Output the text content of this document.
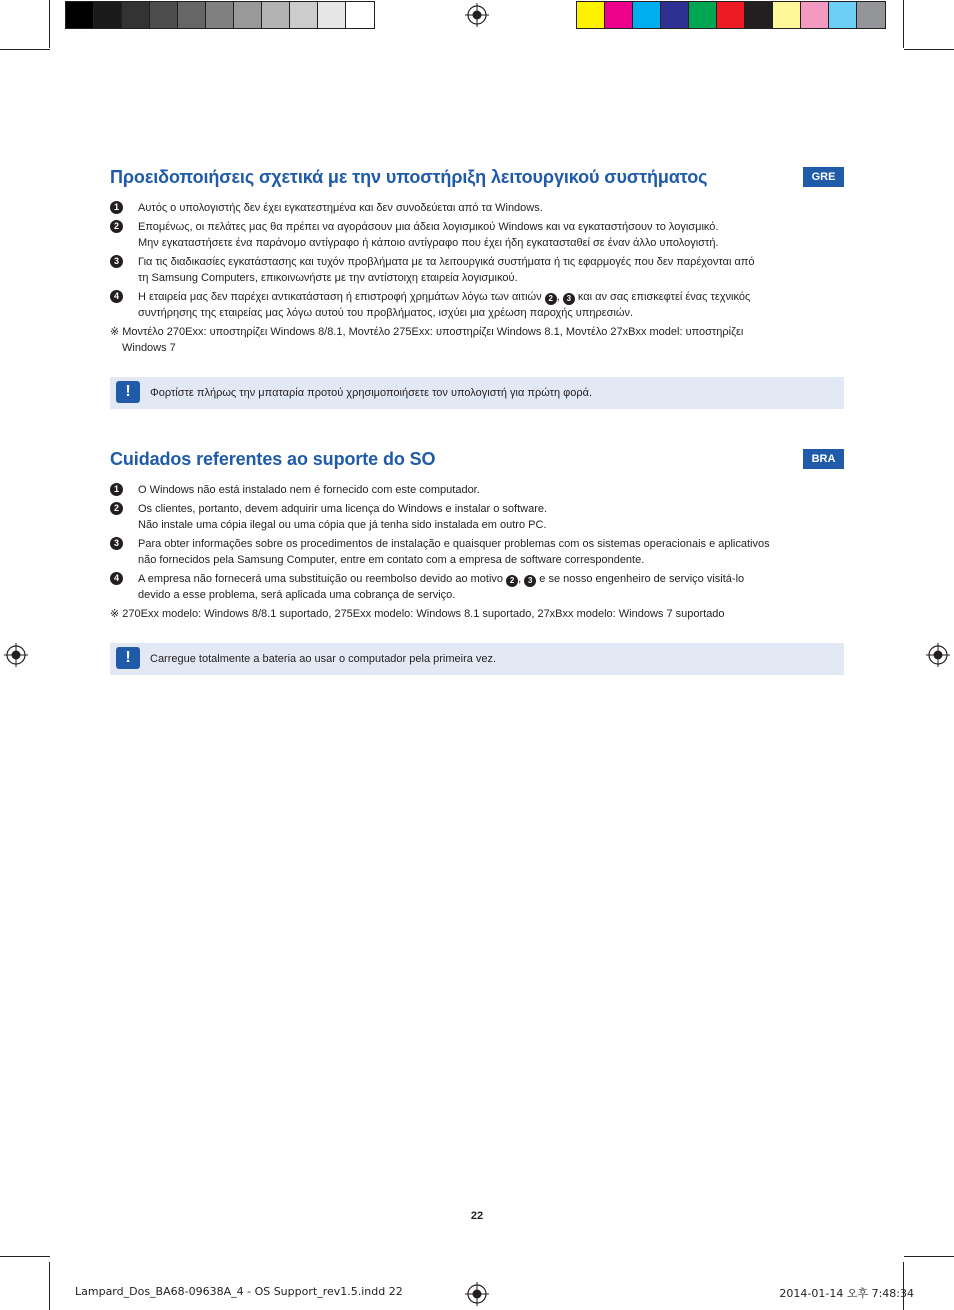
Προειδοποιήσεις σχετικά με την υποστήριξη λειτουργικού συστήματος	GRE
1	Αυτός ο υπολογιστής δεν έχει εγκατεστημένα και δεν συνοδεύεται από τα Windows.
2	Επομένως, οι πελάτες μας θα πρέπει να αγοράσουν μια άδεια λογισμικού Windows και να εγκαταστήσουν το λογισμικό.
Μην εγκαταστήσετε ένα παράνομο αντίγραφο ή κάποιο αντίγραφο που έχει ήδη εγκατασταθεί σε έναν άλλο υπολογιστή.
3	Για τις διαδικασίες εγκατάστασης και τυχόν προβλήματα με τα λειτουργικά συστήματα ή τις εφαρμογές που δεν παρέχονται από
τη Samsung Computers, επικοινωνήστε με την αντίστοιχη εταιρεία λογισμικού.
4	Η εταιρεία μας δεν παρέχει αντικατάσταση ή επιστροφή χρημάτων λόγω των αιτιών 2 , 3 και αν σας επισκεφτεί ένας τεχνικός
συντήρησης της εταιρείας μας λόγω αυτού του προβλήματος, ισχύει μια χρέωση παροχής υπηρεσιών.
※ Μοντέλο 270Exx: υποστηρίζει Windows 8/8.1, Μοντέλο 275Exx: υποστηρίζει Windows 8.1, Μοντέλο 27xBxx model: υποστηρίζει
Windows 7
!	Φορτίστε πλήρως την μπαταρία προτού χρησιμοποιήσετε τον υπολογιστή για πρώτη φορά.
Cuidados referentes ao suporte do SO	BRA
1	O Windows não está instalado nem é fornecido com este computador.
2	Os clientes, portanto, devem adquirir uma licença do Windows e instalar o software.
Não instale uma cópia ilegal ou uma cópia que já tenha sido instalada em outro PC.
3	Para obter informações sobre os procedimentos de instalação e quaisquer problemas com os sistemas operacionais e aplicativos
não fornecidos pela Samsung Computer, entre em contato com a empresa de software correspondente.
4	A empresa não fornecerá uma substituição ou reembolso devido ao motivo 2 , 3 e se nosso engenheiro de serviço visitá-lo
devido a esse problema, será aplicada uma cobrança de serviço.
※ 270Exx modelo: Windows 8/8.1 suportado, 275Exx modelo: Windows 8.1 suportado, 27xBxx modelo: Windows 7 suportado
!	Carregue totalmente a bateria ao usar o computador pela primeira vez.
22
Lampard_Dos_BA68-09638A_4 - OS Support_rev1.5.indd 22	2014-01-14 오후 7:48:34
